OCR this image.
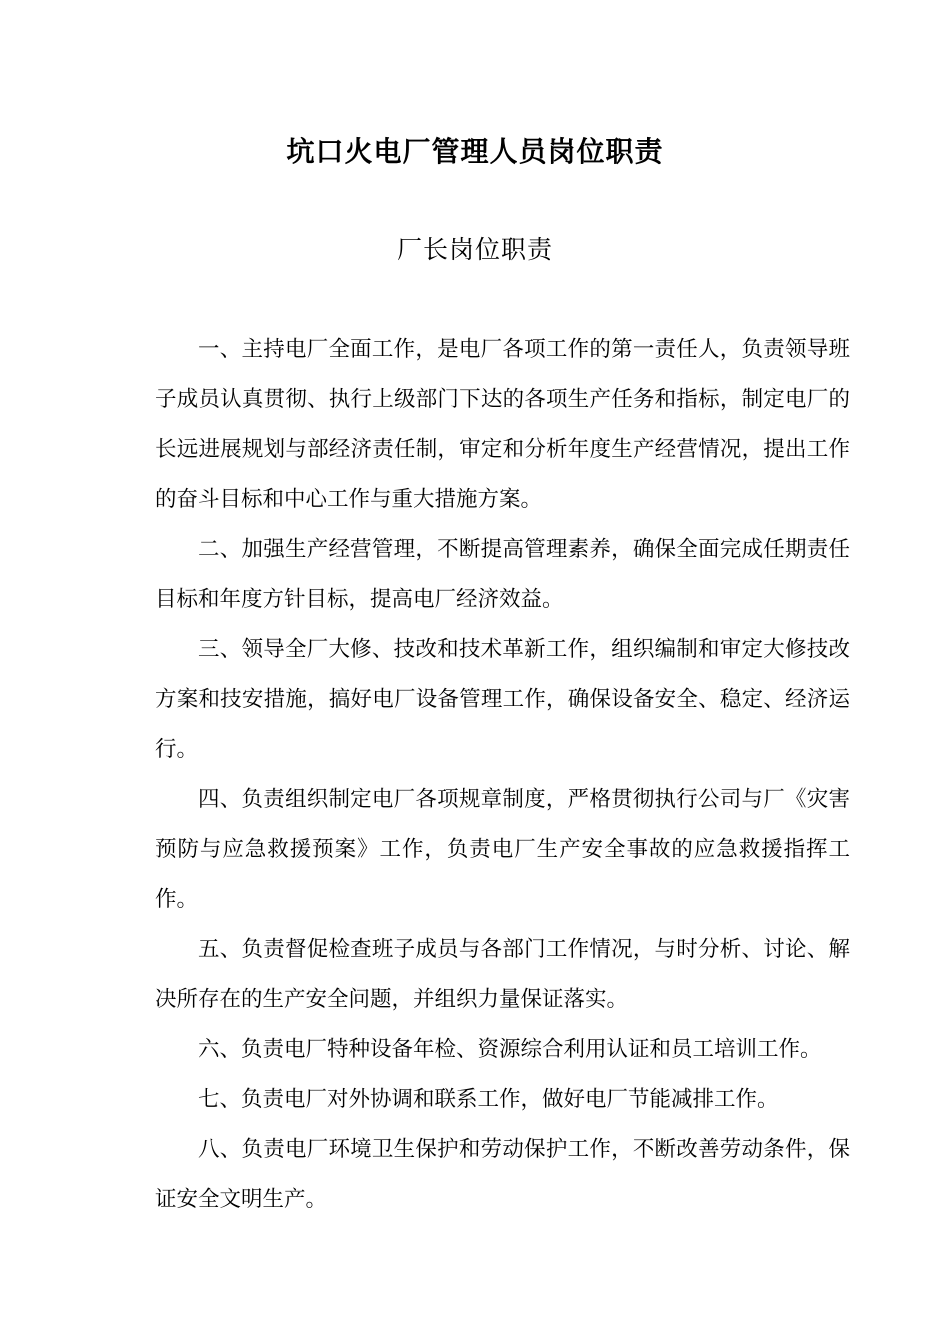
坑口火电厂管理人员岗位职责
厂长岗位职责

一、主持电厂全面工作，是电厂各项工作的第一责任人，负责领导班子成员认真贯彻、执行上级部门下达的各项生产任务和指标，制定电厂的长远进展规划与部经济责任制，审定和分析年度生产经营情况，提出工作的奋斗目标和中心工作与重大措施方案。

二、加强生产经营管理，不断提高管理素养，确保全面完成任期责任目标和年度方针目标，提高电厂经济效益。

三、领导全厂大修、技改和技术革新工作，组织编制和审定大修技改方案和技安措施，搞好电厂设备管理工作，确保设备安全、稳定、经济运行。

四、负责组织制定电厂各项规章制度，严格贯彻执行公司与厂《灾害预防与应急救援预案》工作，负责电厂生产安全事故的应急救援指挥工作。

五、负责督促检查班子成员与各部门工作情况，与时分析、讨论、解决所存在的生产安全问题，并组织力量保证落实。

六、负责电厂特种设备年检、资源综合利用认证和员工培训工作。

七、负责电厂对外协调和联系工作，做好电厂节能减排工作。

八、负责电厂环境卫生保护和劳动保护工作，不断改善劳动条件，保证安全文明生产。
